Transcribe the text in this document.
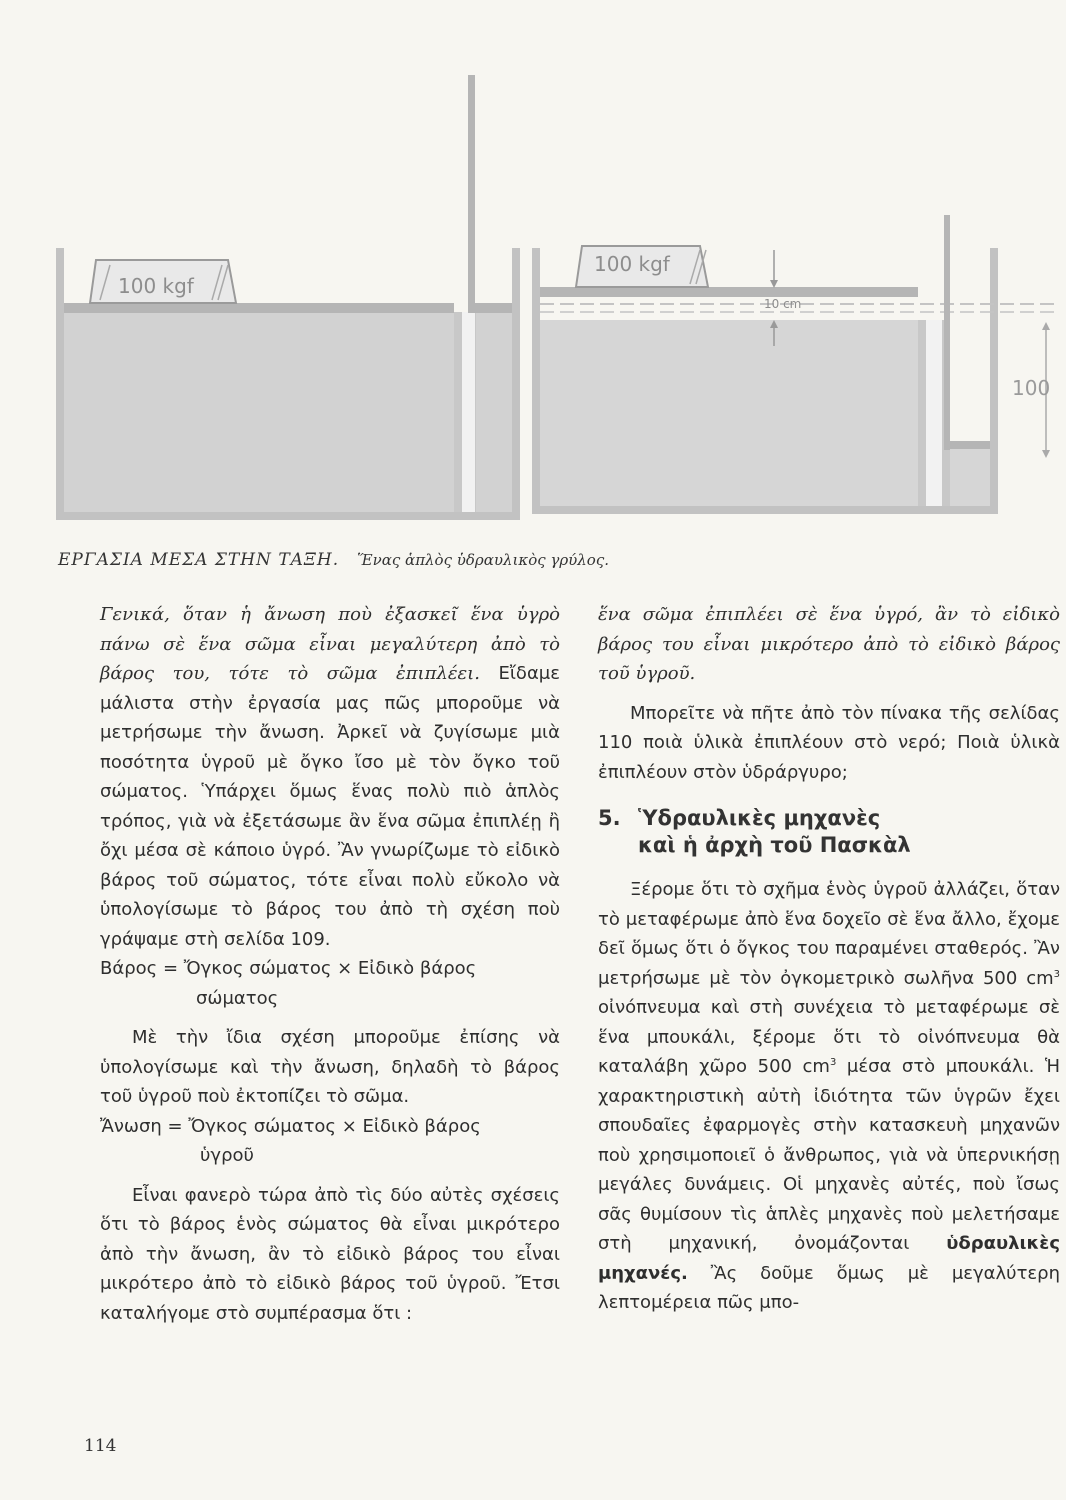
100 kgf
100 kgf
10 cm
100
ΕΡΓΑΣΙΑ ΜΕΣΑ ΣΤΗΝ ΤΑΞΗ. Ἕνας ἁπλὸς ὑδραυλικὸς γρύλος.

Γενικά, ὅταν ἡ ἄνωση ποὺ ἐξασκεῖ ἕνα ὑγρὸ πάνω σὲ ἕνα σῶμα εἶναι μεγαλύτερη ἀπὸ τὸ βάρος του, τότε τὸ σῶμα ἐπιπλέει. Εἴδαμε μάλιστα στὴν ἐργασία μας πῶς μποροῦμε νὰ μετρήσωμε τὴν ἄνωση. Ἀρκεῖ νὰ ζυγίσωμε μιὰ ποσότητα ὑγροῦ μὲ ὄγκο ἴσο μὲ τὸν ὄγκο τοῦ σώματος. Ὑπάρχει ὅμως ἕνας πολὺ πιὸ ἁπλὸς τρόπος, γιὰ νὰ ἐξετάσωμε ἂν ἕνα σῶμα ἐπιπλέῃ ἢ ὄχι μέσα σὲ κάποιο ὑγρό. Ἂν γνωρίζωμε τὸ εἰδικὸ βάρος τοῦ σώματος, τότε εἶναι πολὺ εὔκολο νὰ ὑπολογίσωμε τὸ βάρος του ἀπὸ τὴ σχέση ποὺ γράψαμε στὴ σελίδα 109.

Βάρος = Ὄγκος σώματος × Εἰδικὸ βάρος
σώματος

Μὲ τὴν ἴδια σχέση μποροῦμε ἐπίσης νὰ ὑπολογίσωμε καὶ τὴν ἄνωση, δηλαδὴ τὸ βάρος τοῦ ὑγροῦ ποὺ ἐκτοπίζει τὸ σῶμα.

Ἄνωση = Ὄγκος σώματος × Εἰδικὸ βάρος
ὑγροῦ

Εἶναι φανερὸ τώρα ἀπὸ τὶς δύο αὐτὲς σχέσεις ὅτι τὸ βάρος ἑνὸς σώματος θὰ εἶναι μικρότερο ἀπὸ τὴν ἄνωση, ἂν τὸ εἰδικὸ βάρος του εἶναι μικρότερο ἀπὸ τὸ εἰδικὸ βάρος τοῦ ὑγροῦ. Ἔτσι καταλήγομε στὸ συμπέρασμα ὅτι :

ἕνα σῶμα ἐπιπλέει σὲ ἕνα ὑγρό, ἂν τὸ εἰδικὸ βάρος του εἶναι μικρότερο ἀπὸ τὸ εἰδικὸ βάρος τοῦ ὑγροῦ.

Μπορεῖτε νὰ πῆτε ἀπὸ τὸν πίνακα τῆς σελίδας 110 ποιὰ ὑλικὰ ἐπιπλέουν στὸ νερό; Ποιὰ ὑλικὰ ἐπιπλέουν στὸν ὑδράργυρο;

5. Ὑδραυλικὲς μηχανὲς
καὶ ἡ ἀρχὴ τοῦ Πασκὰλ

Ξέρομε ὅτι τὸ σχῆμα ἑνὸς ὑγροῦ ἀλλάζει, ὅταν τὸ μεταφέρωμε ἀπὸ ἕνα δοχεῖο σὲ ἕνα ἄλλο, ἔχομε δεῖ ὅμως ὅτι ὁ ὄγκος του παραμένει σταθερός. Ἂν μετρήσωμε μὲ τὸν ὀγκομετρικὸ σωλῆνα 500 $cm^3$ οἰνόπνευμα καὶ στὴ συνέχεια τὸ μεταφέρωμε σὲ ἕνα μπουκάλι, ξέρομε ὅτι τὸ οἰνόπνευμα θὰ καταλάβη χῶρο 500 $cm^3$ μέσα στὸ μπουκάλι. Ἡ χαρακτηριστικὴ αὐτὴ ἰδιότητα τῶν ὑγρῶν ἔχει σπουδαῖες ἐφαρμογὲς στὴν κατασκευὴ μηχανῶν ποὺ χρησιμοποιεῖ ὁ ἄνθρωπος, γιὰ νὰ ὑπερνικήσῃ μεγάλες δυνάμεις. Οἱ μηχανὲς αὐτές, ποὺ ἴσως σᾶς θυμίσουν τὶς ἁπλὲς μηχανὲς ποὺ μελετήσαμε στὴ μηχανική, ὀνομάζονται ὑδραυλικὲς μηχανές. Ἂς δοῦμε ὅμως μὲ μεγαλύτερη λεπτομέρεια πῶς μπο-

114
